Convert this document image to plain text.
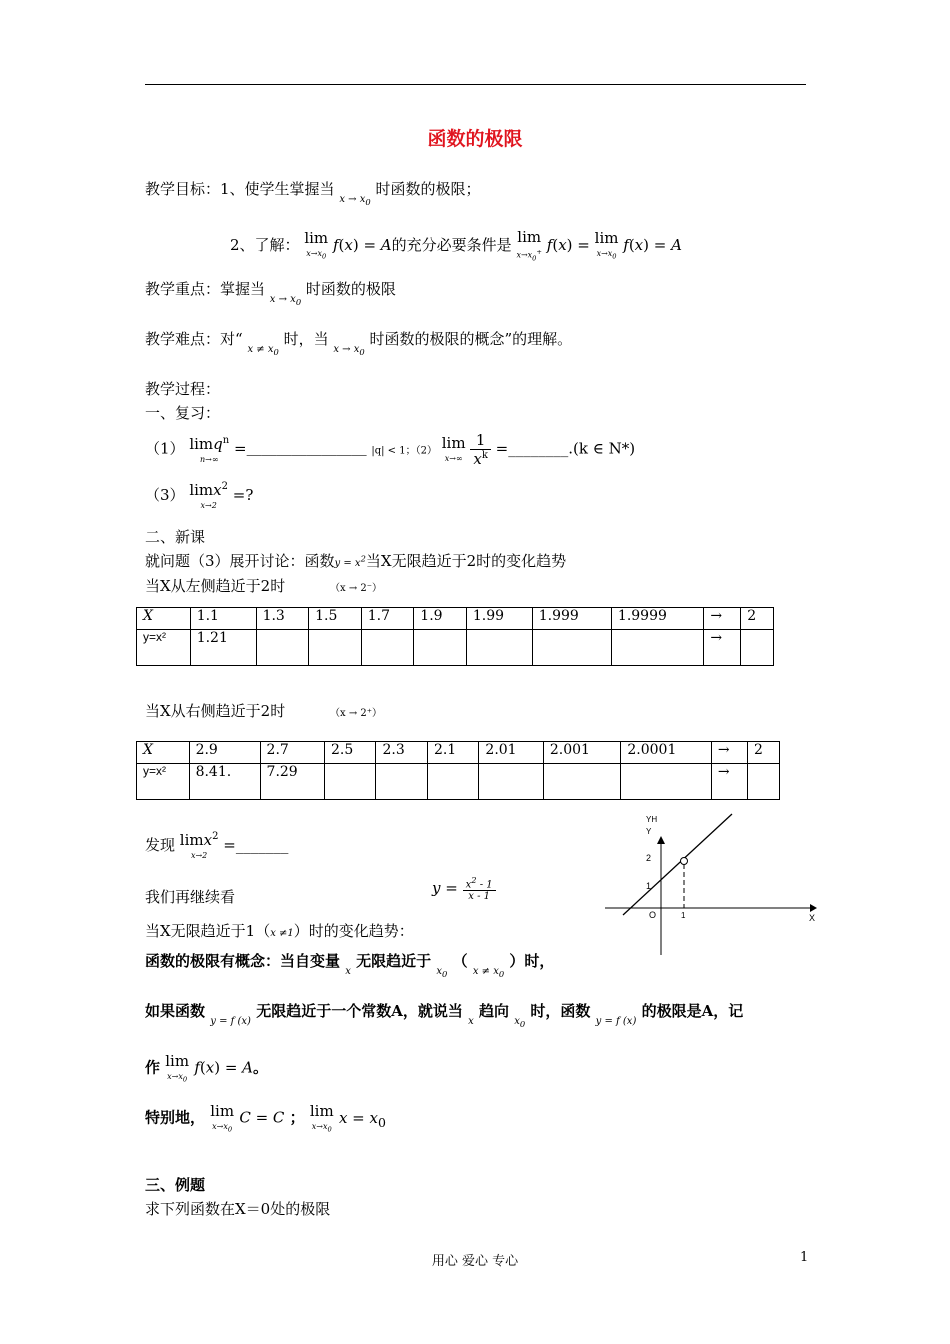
函数的极限
教学目标：1、使学生掌握当 $_{x \to x_0}$ 时函数的极限；
2、了解： lim
$x\to x_0$
f(x) = A的充分必要条件是 lim
$x\to x_0^+$ f(x) = lim
$x\to x_0$
f(x) = A
教学重点：掌握当 $_{x \to x_0}$ 时函数的极限
教学难点：对“ $_{x \ne x_0}$ 时，当 $_{x \to x_0}$ 时函数的极限的概念”的理解。
教学过程：
一、复习：
（1） limq$^n$
n→∞
=＿＿＿＿＿＿＿＿ |q| < 1；（2） lim
x→∞
$\frac{1}{x^k}$ =________.(k ∈ N*)
（3） limx$^2$
x→2
=?
二、新课
就问题（3）展开讨论：函数$y = x^2$当X无限趋近于2时的变化趋势
当X从左侧趋近于2时	（x → 2⁻）
X	1.1	1.3	1.5	1.7	1.9	1.99	1.999	1.9999	→	2
y=x²	1.21								→	
当X从右侧趋近于2时	（x → 2⁺）
X	2.9	2.7	2.5	2.3	2.1	2.01	2.001	2.0001	→	2
y=x²	8.41.	7.29							→	
发现 limx$^2$
x→2
=_______
我们再继续看	$y = \frac{x^2 - 1}{x - 1}$
当X无限趋近于1（x ≠1）时的变化趋势：
函数的极限有概念：当自变量 $_x$ 无限趋近于 $_{x_0}$ （ $_{x \ne x_0}$ ）时，
如果函数 $_{y = f (x)}$ 无限趋近于一个常数A，就说当 $_x$ 趋向 $_{x_0}$ 时，函数 $_{y = f (x)}$ 的极限是A，记
作 lim
$x\to x_0$
f(x) = A。
特别地， lim
$x\to x_0$
C = C ； lim
$x\to x_0$
$x = x_0$
三、例题
求下列函数在X＝0处的极限
YH
Y
X
O	1
1
2
用心 爱心 专心	1
